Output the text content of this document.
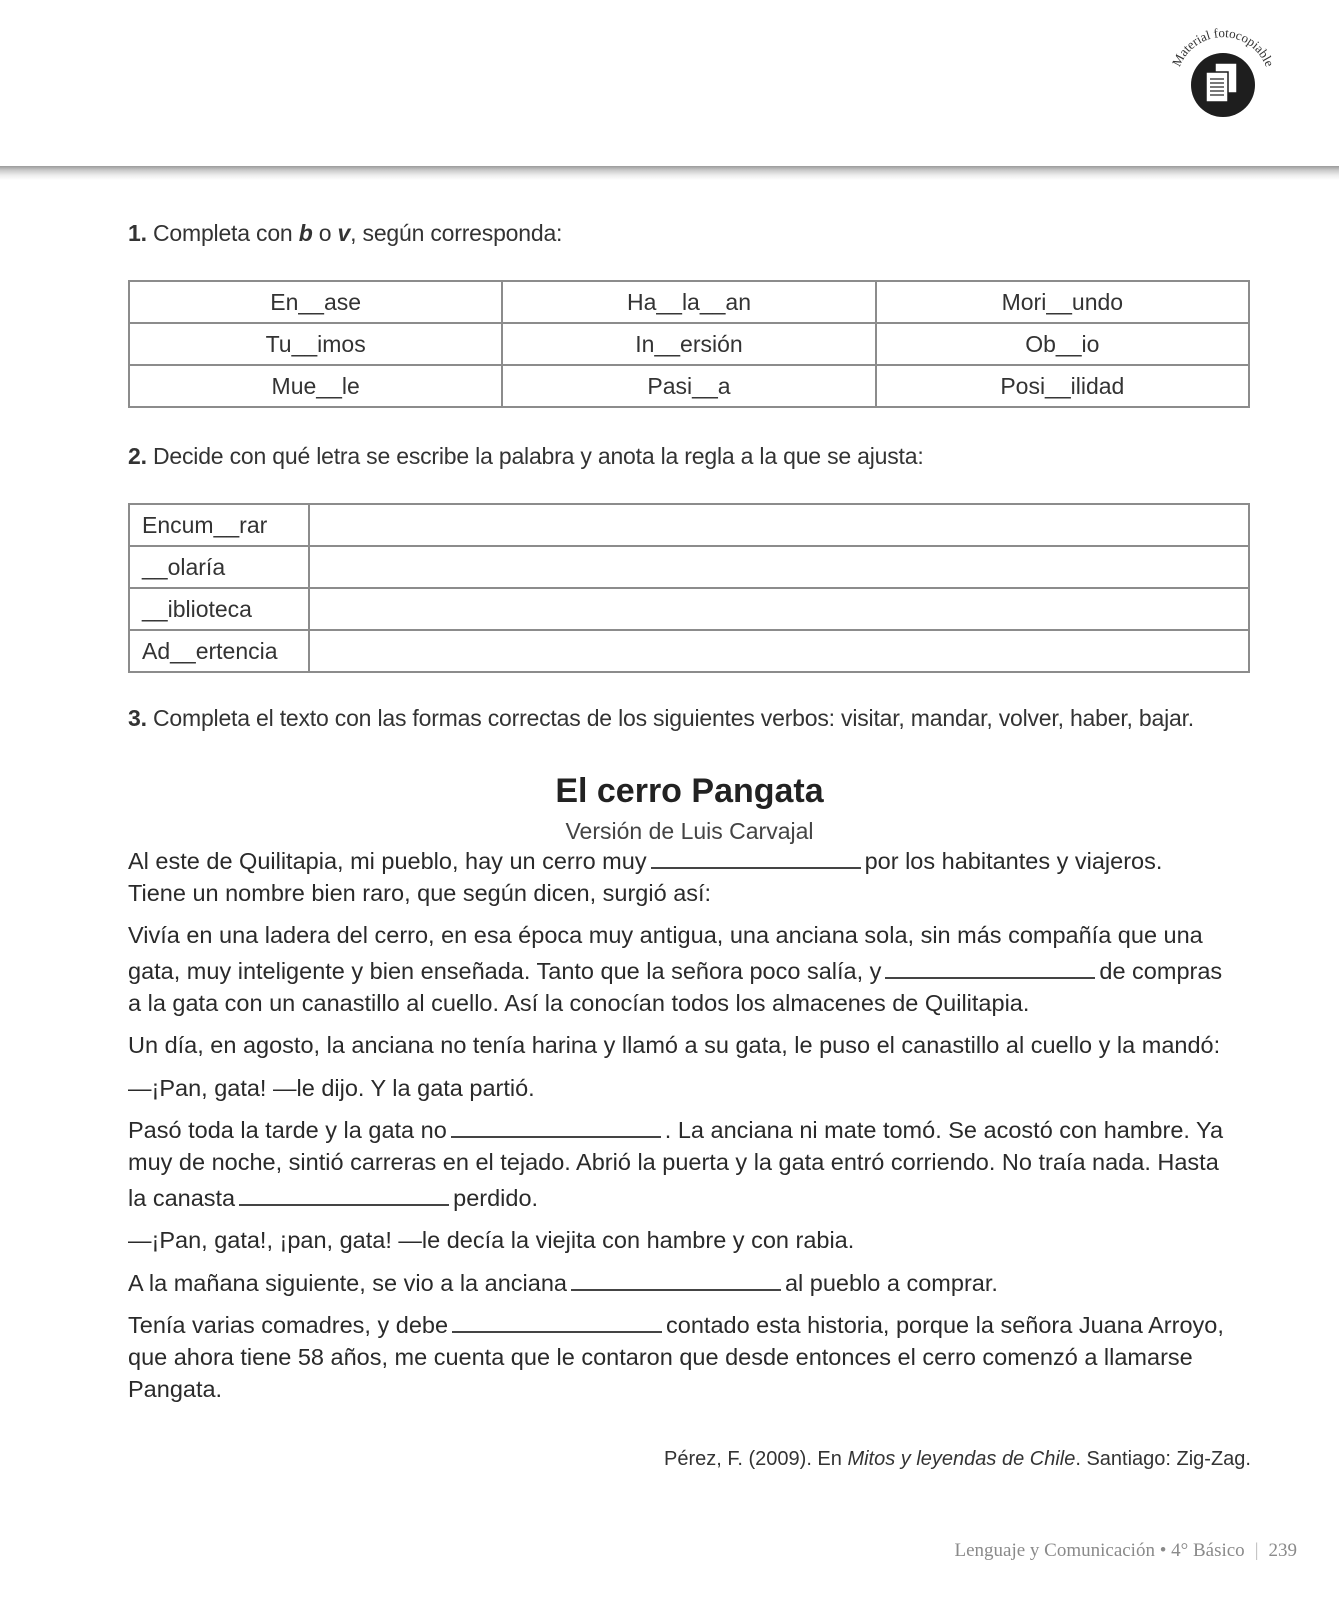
Material fotocopiable
1. Completa con b o v, según corresponda:
En__ase	Ha__la__an	Mori__undo
Tu__imos	In__ersión	Ob__io
Mue__le	Pasi__a	Posi__ilidad
2. Decide con qué letra se escribe la palabra y anota la regla a la que se ajusta:
Encum__rar	
__olaría	
__iblioteca	
Ad__ertencia	
3. Completa el texto con las formas correctas de los siguientes verbos: visitar, mandar, volver, haber, bajar.
El cerro Pangata
Versión de Luis Carvajal
Al este de Quilitapia, mi pueblo, hay un cerro muy	por los habitantes y viajeros.
Tiene un nombre bien raro, que según dicen, surgió así:
Vivía en una ladera del cerro, en esa época muy antigua, una anciana sola, sin más compañía que una
gata, muy inteligente y bien enseñada. Tanto que la señora poco salía, y	de compras
a la gata con un canastillo al cuello. Así la conocían todos los almacenes de Quilitapia.
Un día, en agosto, la anciana no tenía harina y llamó a su gata, le puso el canastillo al cuello y la mandó:
—¡Pan, gata! —le dijo. Y la gata partió.
Pasó toda la tarde y la gata no	. La anciana ni mate tomó. Se acostó con hambre. Ya
muy de noche, sintió carreras en el tejado. Abrió la puerta y la gata entró corriendo. No traía nada. Hasta
la canasta	perdido.
—¡Pan, gata!, ¡pan, gata! —le decía la viejita con hambre y con rabia.
A la mañana siguiente, se vio a la anciana	al pueblo a comprar.
Tenía varias comadres, y debe	contado esta historia, porque la señora Juana Arroyo,
que ahora tiene 58 años, me cuenta que le contaron que desde entonces el cerro comenzó a llamarse
Pangata.
Pérez, F. (2009). En Mitos y leyendas de Chile. Santiago: Zig-Zag.
Lenguaje y Comunicación • 4° Básico | 239
